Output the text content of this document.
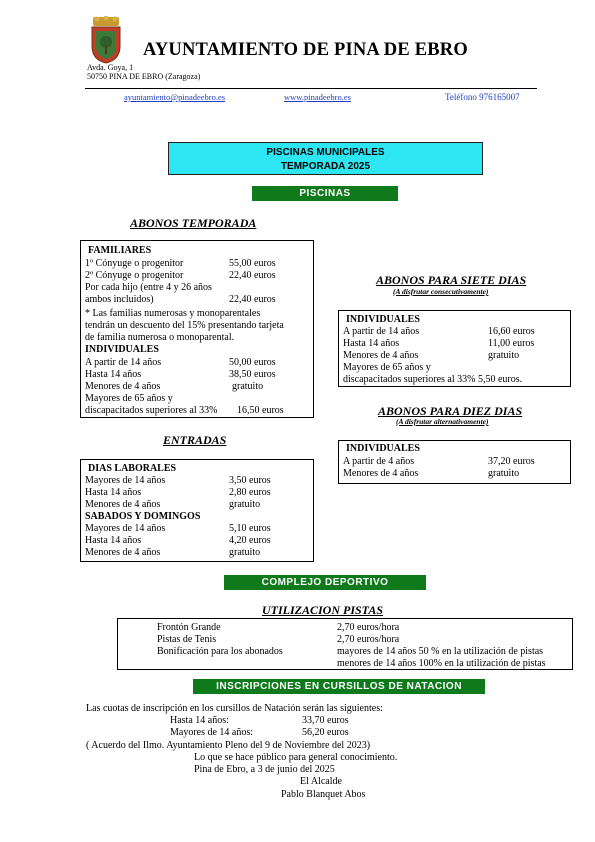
AYUNTAMIENTO DE PINA DE EBRO
Avda. Goya, 1
50750 PINA DE EBRO (Zaragoza)
ayuntamiento@pinadeebro.es	www.pinadeebro.es	Teléfono 976165007
PISCINAS MUNICIPALES
TEMPORADA 2025
PISCINAS
ABONOS TEMPORADA
FAMILIARES
1º Cónyuge o progenitor	55,00 euros
2º Cónyuge o progenitor	22,40 euros
Por cada hijo (entre 4 y 26 años
ambos incluidos)	22,40 euros
* Las familias numerosas y monoparentales
tendrán un descuento del 15% presentando tarjeta
de familia numerosa o monoparental.
INDIVIDUALES
A partir de 14 años	50,00 euros
Hasta 14 años	38,50 euros
Menores de 4 años	gratuito
Mayores de 65 años y
discapacitados superiores al 33% 16,50 euros
ABONOS PARA SIETE DIAS
(A disfrutar consecutivamente)
INDIVIDUALES
A partir de 14 años	16,60 euros
Hasta 14 años	11,00 euros
Menores de 4 años	gratuito
Mayores de 65 años y
discapacitados superiores al 33% 5,50 euros.
ABONOS PARA DIEZ DIAS
(A disfrutar alternativamente)
INDIVIDUALES
A partir de 4 años	37,20 euros
Menores de 4 años	gratuito
ENTRADAS
DIAS LABORALES
Mayores de 14 años	3,50 euros
Hasta 14 años	2,80 euros
Menores de 4 años	gratuito
SABADOS Y DOMINGOS
Mayores de 14 años	5,10 euros
Hasta 14 años	4,20 euros
Menores de 4 años	gratuito
COMPLEJO DEPORTIVO
UTILIZACION PISTAS
Frontón Grande	2,70 euros/hora
Pistas de Tenis	2,70 euros/hora
Bonificación para los abonados	mayores de 14 años 50 % en la utilización de pistas
menores de 14 años 100% en la utilización de pistas
INSCRIPCIONES EN CURSILLOS DE NATACION
Las cuotas de inscripción en los cursillos de Natación serán las siguientes:
Hasta 14 años:	33,70 euros
Mayores de 14 años:	56,20 euros
( Acuerdo del Ilmo. Ayuntamiento Pleno del 9 de Noviembre del 2023)
Lo que se hace público para general conocimiento.
Pina de Ebro, a 3 de junio del 2025
El Alcalde
Pablo Blanquet Abos
